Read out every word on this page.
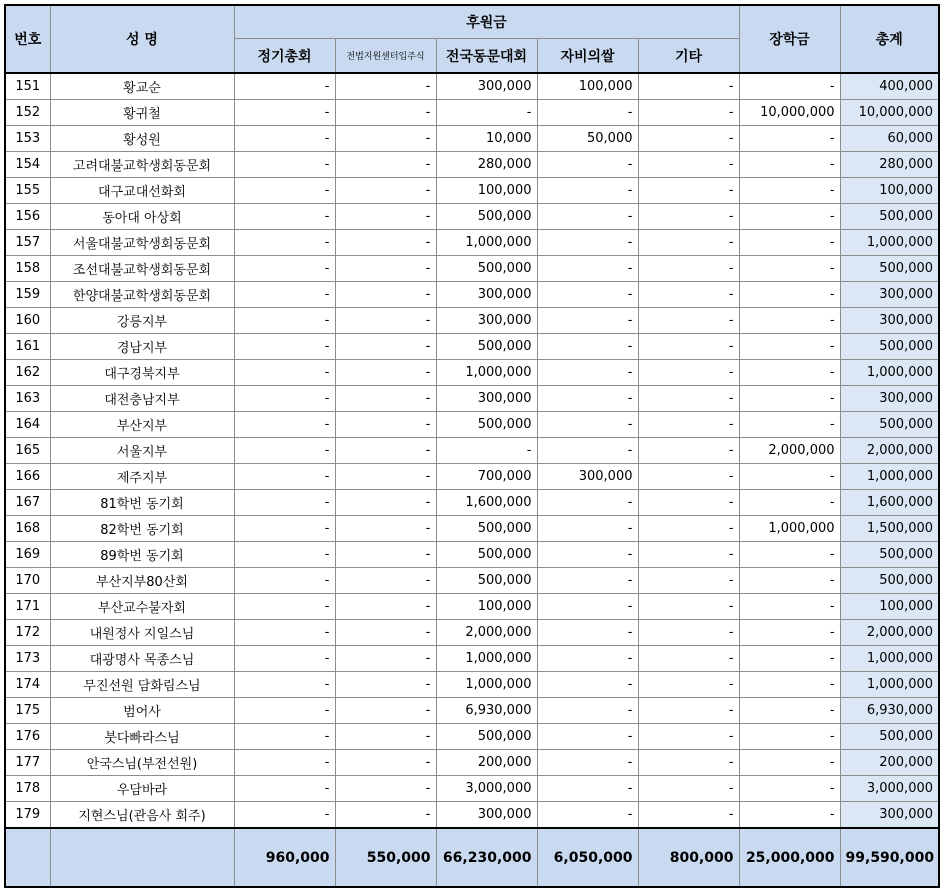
번호	성 명	후원금					장학금	총계
		정기총회	전법지원센터입주식	전국동문대회	자비의쌀	기타		
151	황교순	-	-	300,000	100,000	-	-	400,000
152	황귀철	-	-	-	-	-	10,000,000	10,000,000
153	황성원	-	-	10,000	50,000	-	-	60,000
154	고려대불교학생회동문회	-	-	280,000	-	-	-	280,000
155	대구교대선화회	-	-	100,000	-	-	-	100,000
156	동아대 아상회	-	-	500,000	-	-	-	500,000
157	서울대불교학생회동문회	-	-	1,000,000	-	-	-	1,000,000
158	조선대불교학생회동문회	-	-	500,000	-	-	-	500,000
159	한양대불교학생회동문회	-	-	300,000	-	-	-	300,000
160	강릉지부	-	-	300,000	-	-	-	300,000
161	경남지부	-	-	500,000	-	-	-	500,000
162	대구경북지부	-	-	1,000,000	-	-	-	1,000,000
163	대전충남지부	-	-	300,000	-	-	-	300,000
164	부산지부	-	-	500,000	-	-	-	500,000
165	서울지부	-	-	-	-	-	2,000,000	2,000,000
166	제주지부	-	-	700,000	300,000	-	-	1,000,000
167	81학번 동기회	-	-	1,600,000	-	-	-	1,600,000
168	82학번 동기회	-	-	500,000	-	-	1,000,000	1,500,000
169	89학번 동기회	-	-	500,000	-	-	-	500,000
170	부산지부80산회	-	-	500,000	-	-	-	500,000
171	부산교수불자회	-	-	100,000	-	-	-	100,000
172	내원정사 지일스님	-	-	2,000,000	-	-	-	2,000,000
173	대광명사 목종스님	-	-	1,000,000	-	-	-	1,000,000
174	무진선원 담화림스님	-	-	1,000,000	-	-	-	1,000,000
175	범어사	-	-	6,930,000	-	-	-	6,930,000
176	붓다빠라스님	-	-	500,000	-	-	-	500,000
177	안국스님(부전선원)	-	-	200,000	-	-	-	200,000
178	우담바라	-	-	3,000,000	-	-	-	3,000,000
179	지현스님(관음사 회주)	-	-	300,000	-	-	-	300,000
		960,000	550,000	66,230,000	6,050,000	800,000	25,000,000	99,590,000
